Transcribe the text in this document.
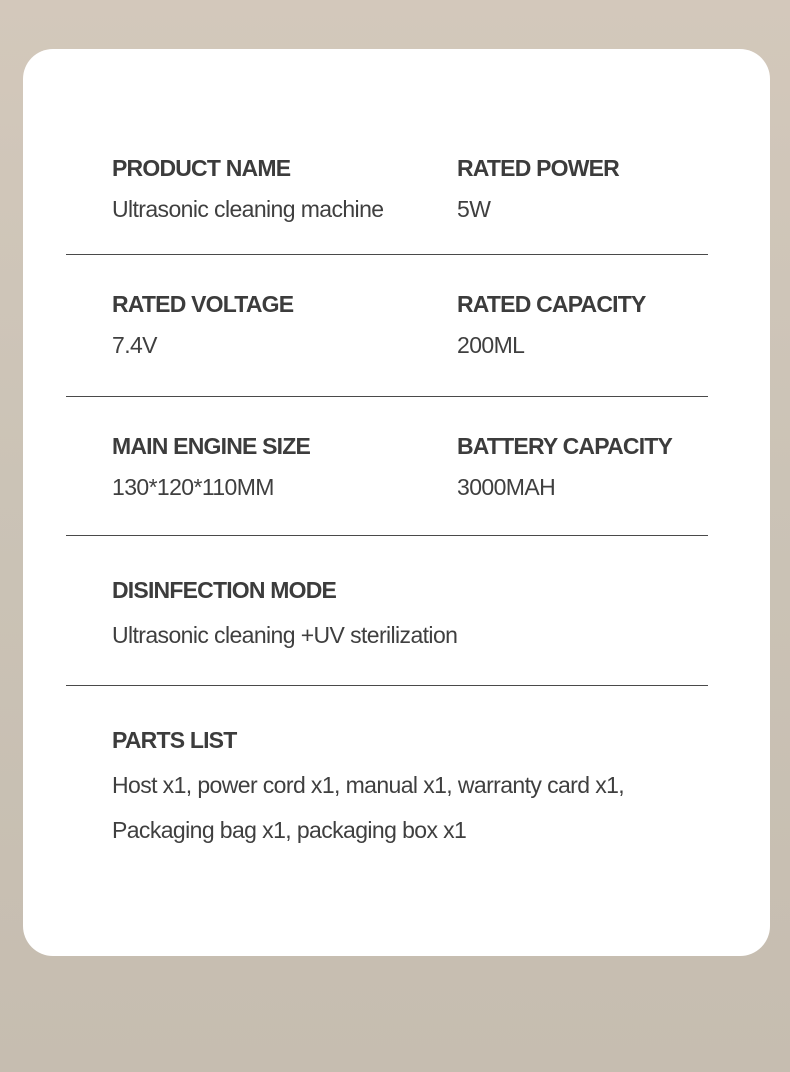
PRODUCT NAME
Ultrasonic cleaning machine
RATED POWER
5W
RATED VOLTAGE
7.4V
RATED CAPACITY
200ML
MAIN ENGINE SIZE
130*120*110MM
BATTERY CAPACITY
3000MAH
DISINFECTION MODE
Ultrasonic cleaning +UV sterilization
PARTS LIST
Host x1, power cord x1, manual x1, warranty card x1,
Packaging bag x1, packaging box x1
